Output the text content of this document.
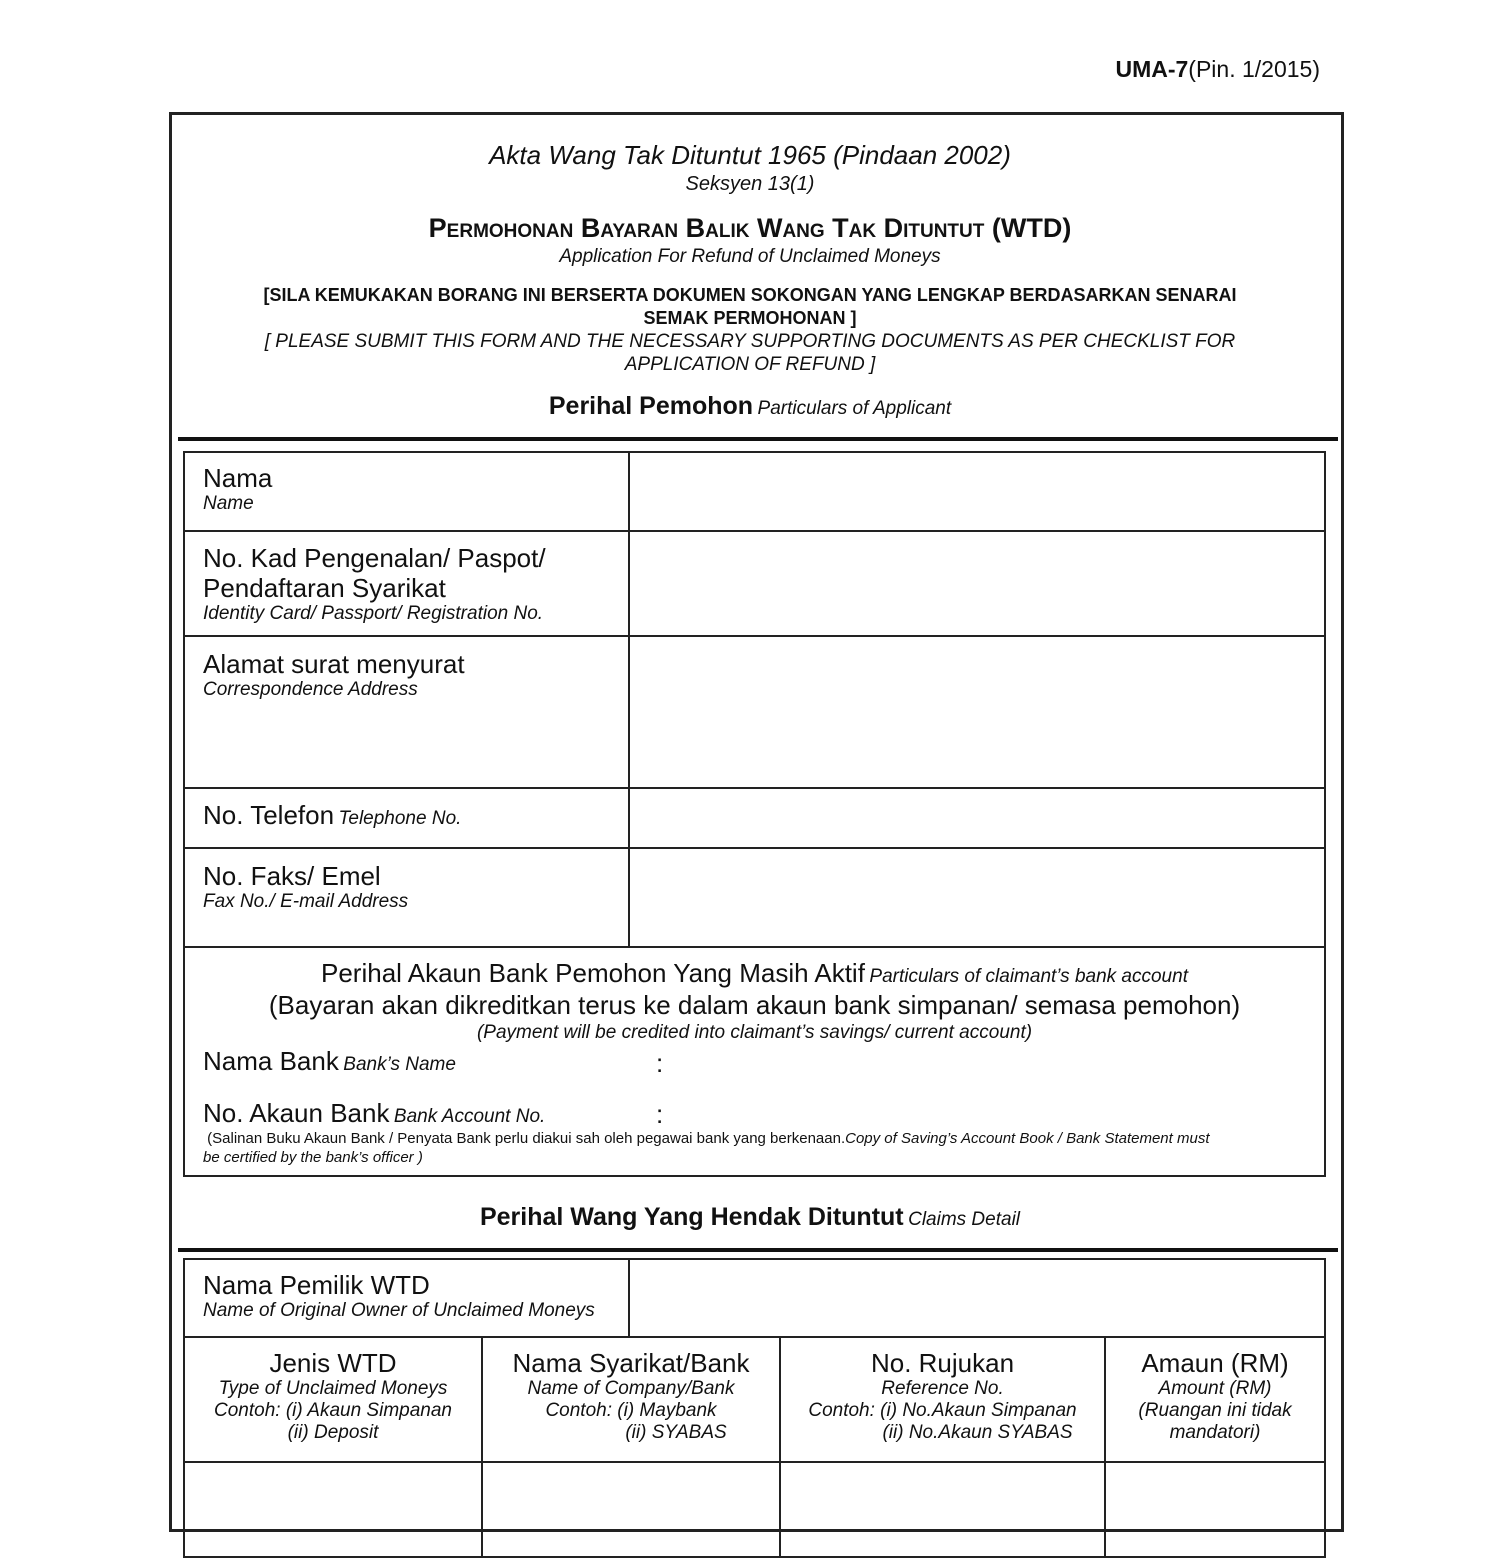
UMA-7(Pin. 1/2015)
Akta Wang Tak Dituntut 1965 (Pindaan 2002)
Seksyen 13(1)
Permohonan Bayaran Balik Wang Tak Dituntut (WTD)
Application For Refund of Unclaimed Moneys
[SILA KEMUKAKAN BORANG INI BERSERTA DOKUMEN SOKONGAN YANG LENGKAP BERDASARKAN SENARAI
SEMAK PERMOHONAN ]
[ PLEASE SUBMIT THIS FORM AND THE NECESSARY SUPPORTING DOCUMENTS AS PER CHECKLIST FOR
APPLICATION OF REFUND ]
Perihal Pemohon Particulars of Applicant
Nama
Name
No. Kad Pengenalan/ Paspot/
Pendaftaran Syarikat
Identity Card/ Passport/ Registration No.
Alamat surat menyurat
Correspondence Address
No. Telefon Telephone No.
No. Faks/ Emel
Fax No./ E-mail Address
Perihal Akaun Bank Pemohon Yang Masih Aktif Particulars of claimant’s bank account
(Bayaran akan dikreditkan terus ke dalam akaun bank simpanan/ semasa pemohon)
(Payment will be credited into claimant’s savings/ current account)
Nama Bank Bank’s Name	:
No. Akaun Bank Bank Account No.	:
(Salinan Buku Akaun Bank / Penyata Bank perlu diakui sah oleh pegawai bank yang berkenaan.Copy of Saving’s Account Book / Bank Statement must
be certified by the bank’s officer )
Perihal Wang Yang Hendak Dituntut Claims Detail
Nama Pemilik WTD
Name of Original Owner of Unclaimed Moneys
Jenis WTD
Type of Unclaimed Moneys
Contoh: (i) Akaun Simpanan
(ii) Deposit
Nama Syarikat/Bank
Name of Company/Bank
Contoh: (i) Maybank
(ii) SYABAS
No. Rujukan
Reference No.
Contoh: (i) No.Akaun Simpanan
(ii) No.Akaun SYABAS
Amaun (RM)
Amount (RM)
(Ruangan ini tidak
mandatori)
